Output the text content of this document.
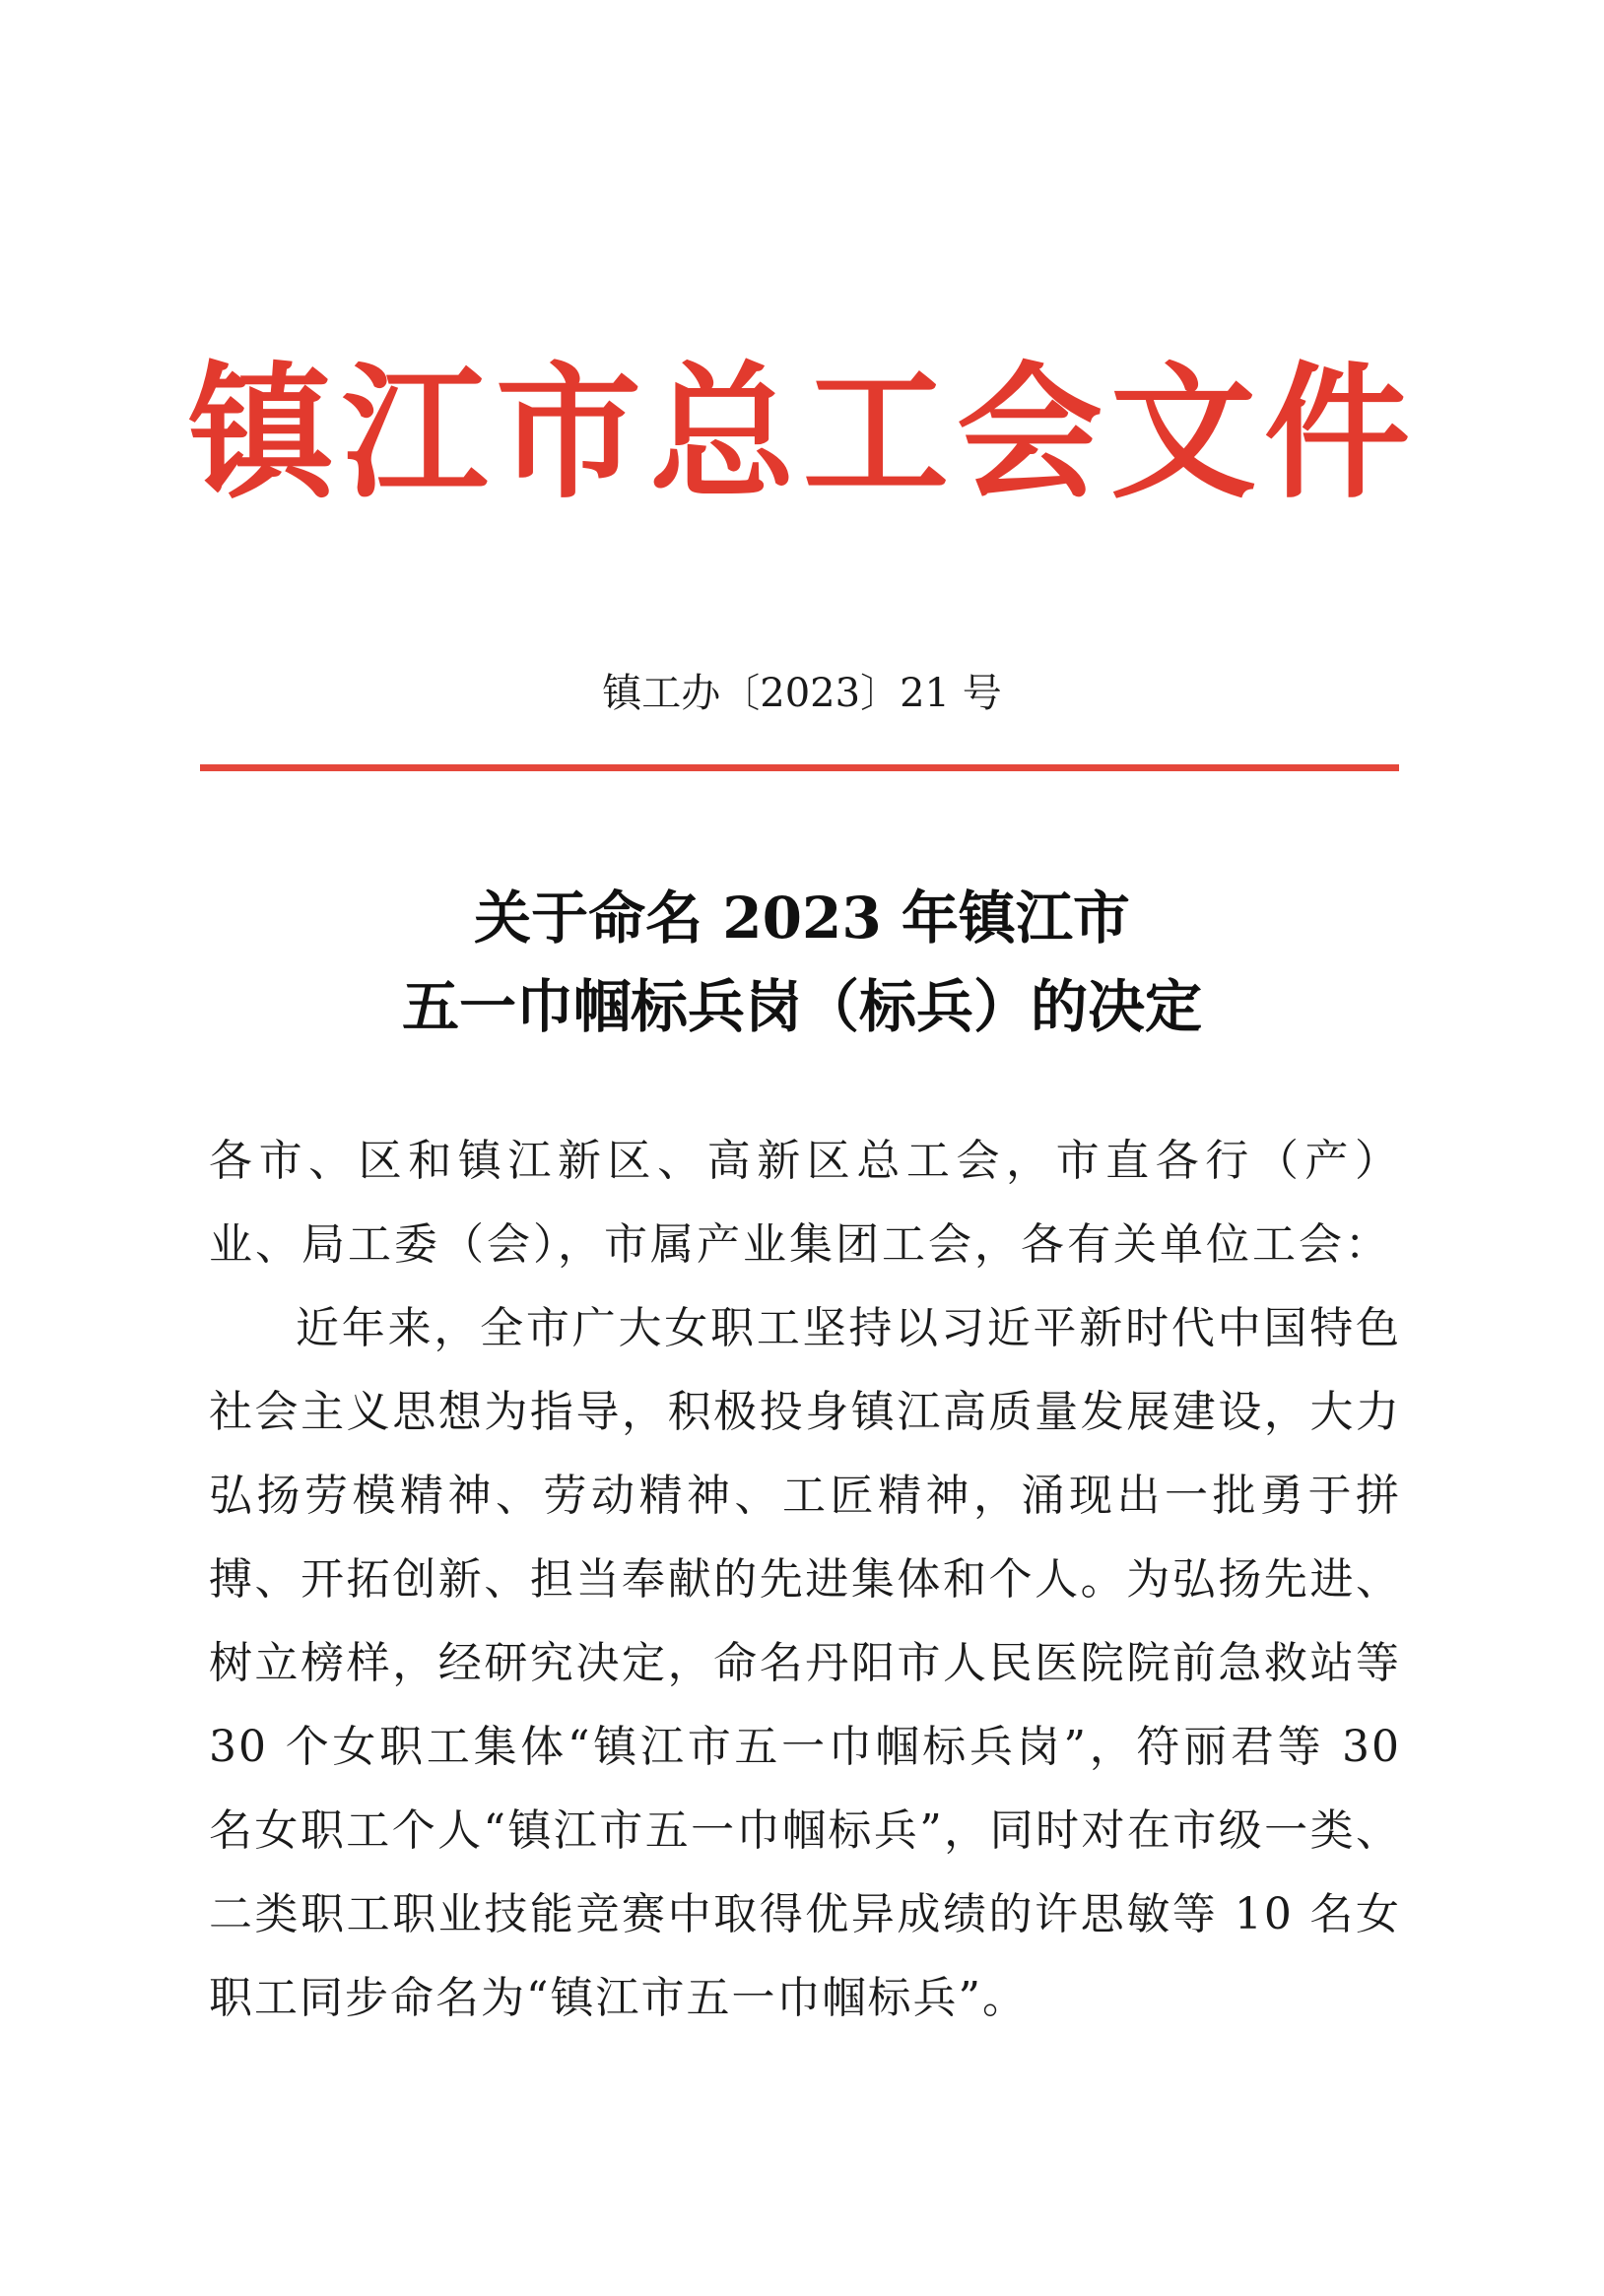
镇江市总工会文件
镇工办〔2023〕21 号
关于命名 2023 年镇江市
五一巾帼标兵岗（标兵）的决定

各市、区和镇江新区、高新区总工会，市直各行（产）业、局工委（会），市属产业集团工会，各有关单位工会：

近年来，全市广大女职工坚持以习近平新时代中国特色社会主义思想为指导，积极投身镇江高质量发展建设，大力弘扬劳模精神、劳动精神、工匠精神，涌现出一批勇于拼搏、开拓创新、担当奉献的先进集体和个人。为弘扬先进、树立榜样，经研究决定，命名丹阳市人民医院院前急救站等 30 个女职工集体“镇江市五一巾帼标兵岗”，符丽君等 30 名女职工个人“镇江市五一巾帼标兵”，同时对在市级一类、二类职工职业技能竞赛中取得优异成绩的许思敏等 10 名女职工同步命名为“镇江市五一巾帼标兵”。
